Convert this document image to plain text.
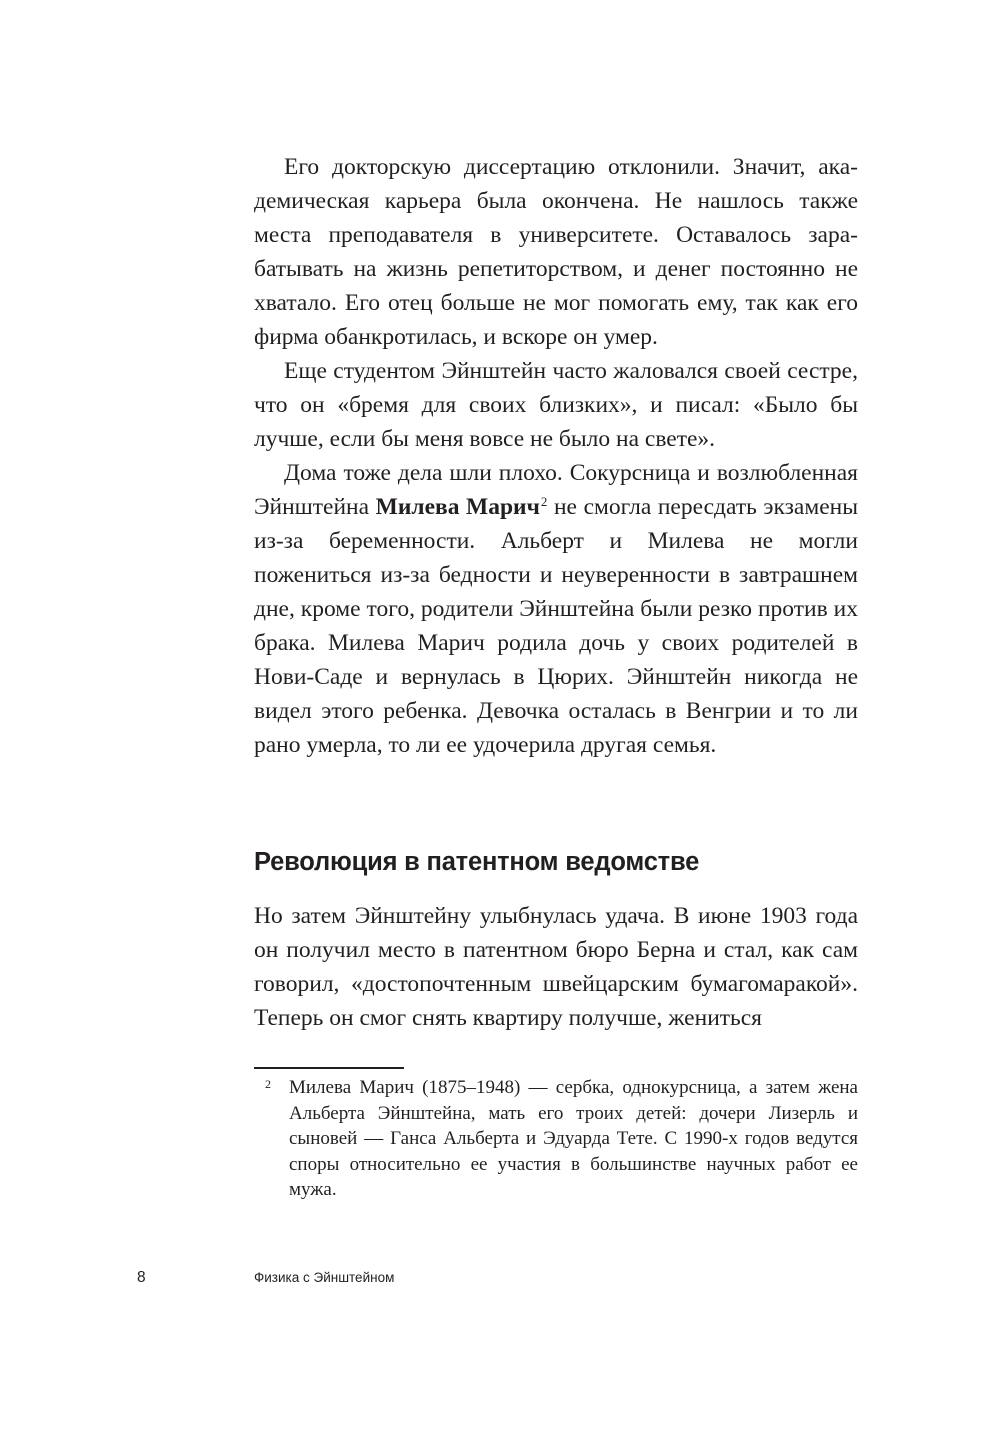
Его докторскую диссертацию отклонили. Значит, академическая карьера была окончена. Не нашлось также места преподавателя в университете. Оставалось зарабатывать на жизнь репетиторством, и денег постоянно не хватало. Его отец больше не мог помогать ему, так как его фирма обанкротилась, и вскоре он умер.

Еще студентом Эйнштейн часто жаловался своей сестре, что он «бремя для своих близких», и писал: «Было бы лучше, если бы меня вовсе не было на свете».

Дома тоже дела шли плохо. Сокурсница и возлюбленная Эйнштейна Милева Марич$^2$ не смогла пересдать экзамены из-за беременности. Альберт и Милева не могли пожениться из-за бедности и неуверенности в завтрашнем дне, кроме того, родители Эйнштейна были резко против их брака. Милева Марич родила дочь у своих родителей в Нови-Саде и вернулась в Цюрих. Эйнштейн никогда не видел этого ребенка. Девочка осталась в Венгрии и то ли рано умерла, то ли ее удочерила другая семья.

Революция в патентном ведомстве

Но затем Эйнштейну улыбнулась удача. В июне 1903 года он получил место в патентном бюро Берна и стал, как сам говорил, «достопочтенным швейцарским бумагомаракой». Теперь он смог снять квартиру получше, жениться

2 Милева Марич (1875–1948) — сербка, однокурсница, а затем жена Альберта Эйнштейна, мать его троих детей: дочери Лизерль и сыновей — Ганса Альберта и Эдуарда Тете. С 1990-х годов ведутся споры относительно ее участия в большинстве научных работ ее мужа.

8	Физика с Эйнштейном
